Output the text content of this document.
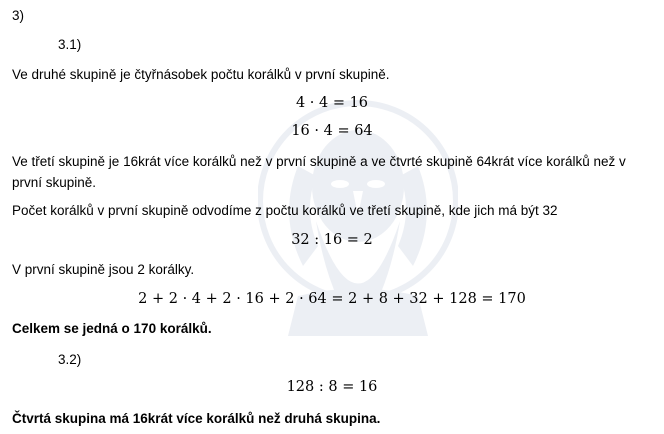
3)
3.1)
Ve druhé skupině je čtyřnásobek počtu korálků v první skupině.
4 · 4 = 16
16 · 4 = 64
Ve třetí skupině je 16krát více korálků než v první skupině a ve čtvrté skupině 64krát více korálků než v první skupině.
Počet korálků v první skupině odvodíme z počtu korálků ve třetí skupině, kde jich má být 32
32 : 16 = 2
V první skupině jsou 2 korálky.
2 + 2 · 4 + 2 · 16 + 2 · 64 = 2 + 8 + 32 + 128 = 170
Celkem se jedná o 170 korálků.
3.2)
128 : 8 = 16
Čtvrtá skupina má 16krát více korálků než druhá skupina.
